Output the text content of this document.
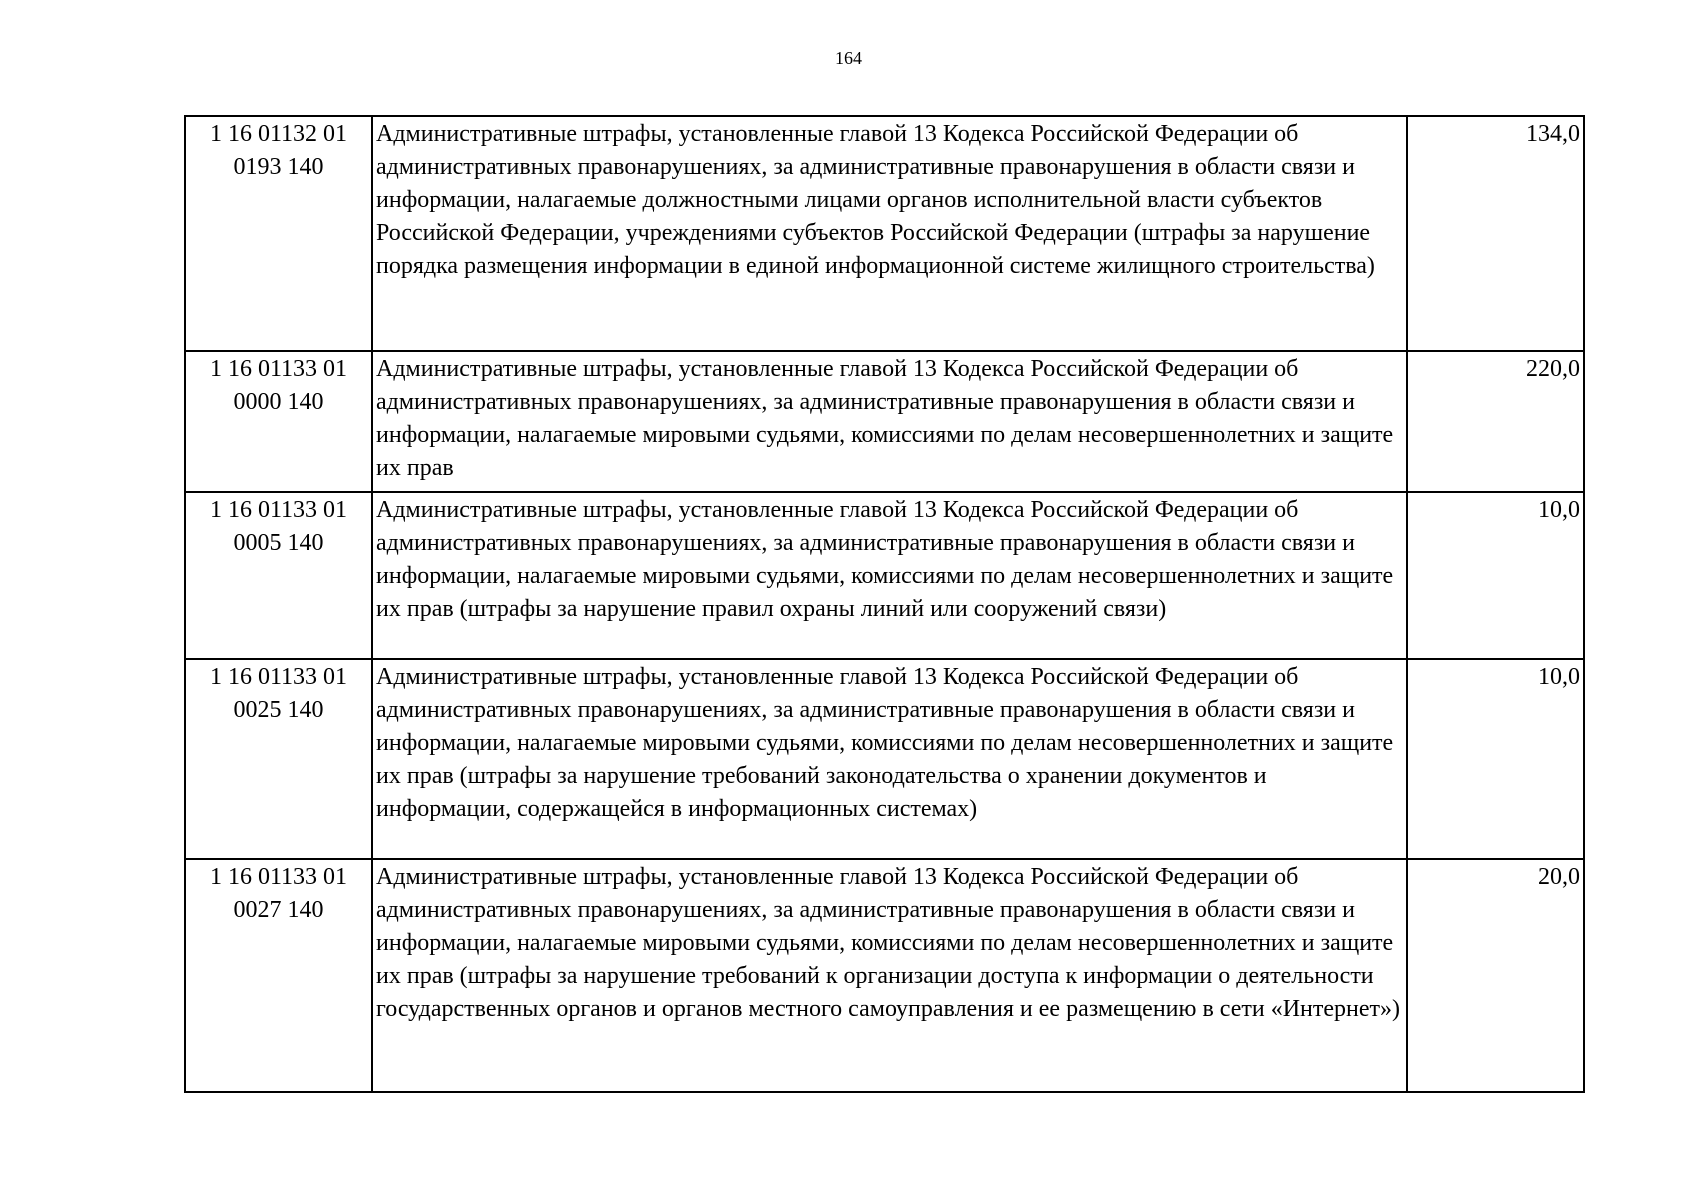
164
1 16 01132 01
0193 140	Административные штрафы, установленные главой 13 Кодекса Российской Федерации об административных правонарушениях, за административные правонарушения в области связи и информации, налагаемые должностными лицами органов исполнительной власти субъектов Российской Федерации, учреждениями субъектов Российской Федерации (штрафы за нарушение порядка размещения информации в единой информационной системе жилищного строительства)	134,0

1 16 01133 01
0000 140	Административные штрафы, установленные главой 13 Кодекса Российской Федерации об административных правонарушениях, за административные правонарушения в области связи и информации, налагаемые мировыми судьями, комиссиями по делам несовершеннолетних и защите их прав	220,0

1 16 01133 01
0005 140	Административные штрафы, установленные главой 13 Кодекса Российской Федерации об административных правонарушениях, за административные правонарушения в области связи и информации, налагаемые мировыми судьями, комиссиями по делам несовершеннолетних и защите их прав (штрафы за нарушение правил охраны линий или сооружений связи)	10,0

1 16 01133 01
0025 140	Административные штрафы, установленные главой 13 Кодекса Российской Федерации об административных правонарушениях, за административные правонарушения в области связи и информации, налагаемые мировыми судьями, комиссиями по делам несовершеннолетних и защите их прав (штрафы за нарушение требований законодательства о хранении документов и информации, содержащейся в информационных системах)	10,0

1 16 01133 01
0027 140	Административные штрафы, установленные главой 13 Кодекса Российской Федерации об административных правонарушениях, за административные правонарушения в области связи и информации, налагаемые мировыми судьями, комиссиями по делам несовершеннолетних и защите их прав (штрафы за нарушение требований к организации доступа к информации о деятельности государственных органов и органов местного самоуправления и ее размещению в сети «Интернет»)	20,0
